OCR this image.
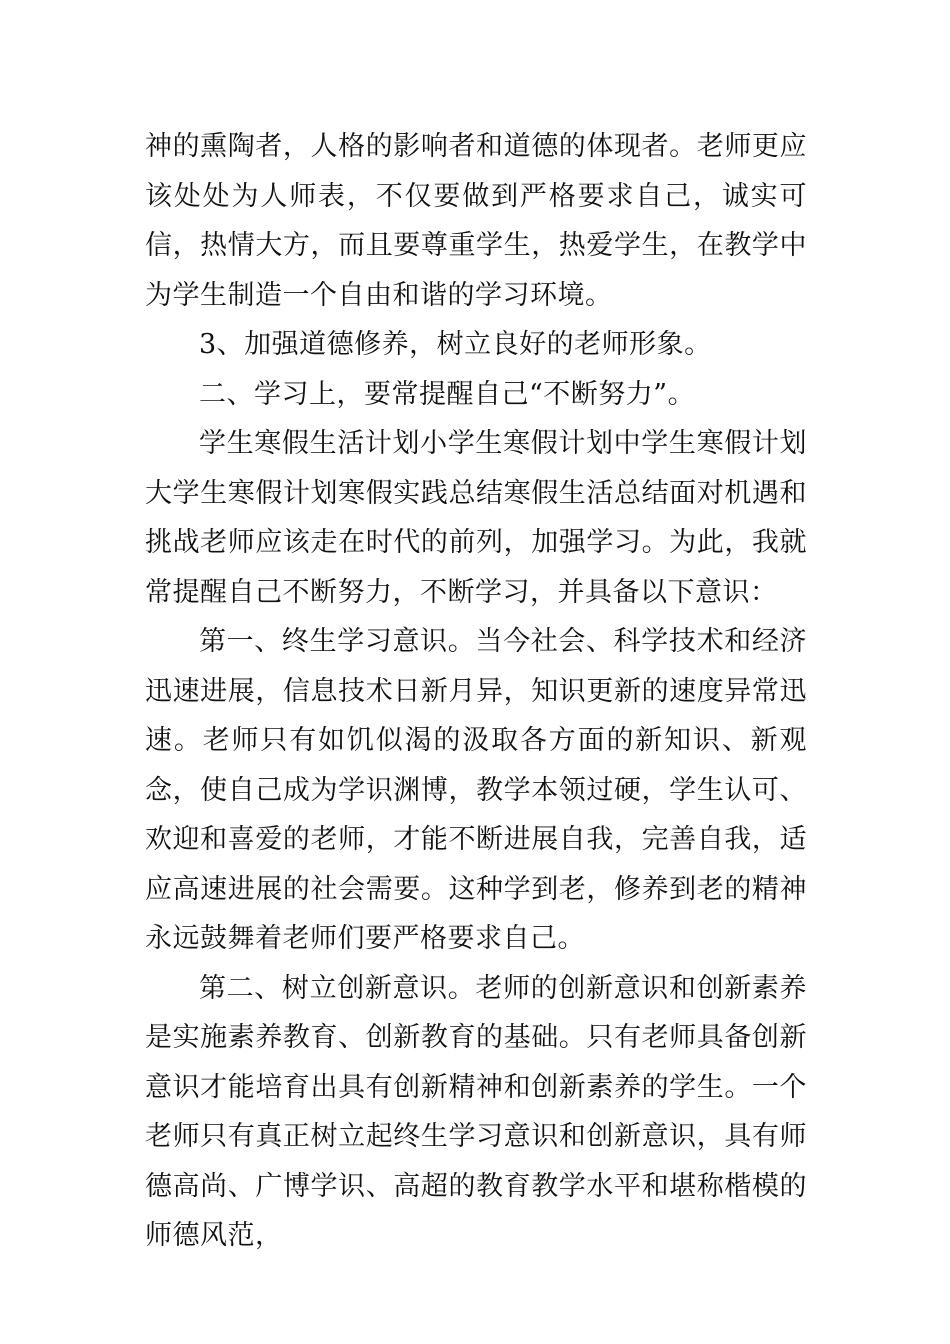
神的熏陶者，人格的影响者和道德的体现者。老师更应该处处为人师表，不仅要做到严格要求自己，诚实可信，热情大方，而且要尊重学生，热爱学生，在教学中为学生制造一个自由和谐的学习环境。

3、加强道德修养，树立良好的老师形象。

二、学习上，要常提醒自己“不断努力”。

学生寒假生活计划小学生寒假计划中学生寒假计划大学生寒假计划寒假实践总结寒假生活总结面对机遇和挑战老师应该走在时代的前列，加强学习。为此，我就常提醒自己不断努力，不断学习，并具备以下意识：

第一、终生学习意识。当今社会、科学技术和经济迅速进展，信息技术日新月异，知识更新的速度异常迅速。老师只有如饥似渴的汲取各方面的新知识、新观念，使自己成为学识渊博，教学本领过硬，学生认可、欢迎和喜爱的老师，才能不断进展自我，完善自我，适应高速进展的社会需要。这种学到老，修养到老的精神永远鼓舞着老师们要严格要求自己。

第二、树立创新意识。老师的创新意识和创新素养是实施素养教育、创新教育的基础。只有老师具备创新意识才能培育出具有创新精神和创新素养的学生。一个老师只有真正树立起终生学习意识和创新意识，具有师德高尚、广博学识、高超的教育教学水平和堪称楷模的师德风范，
